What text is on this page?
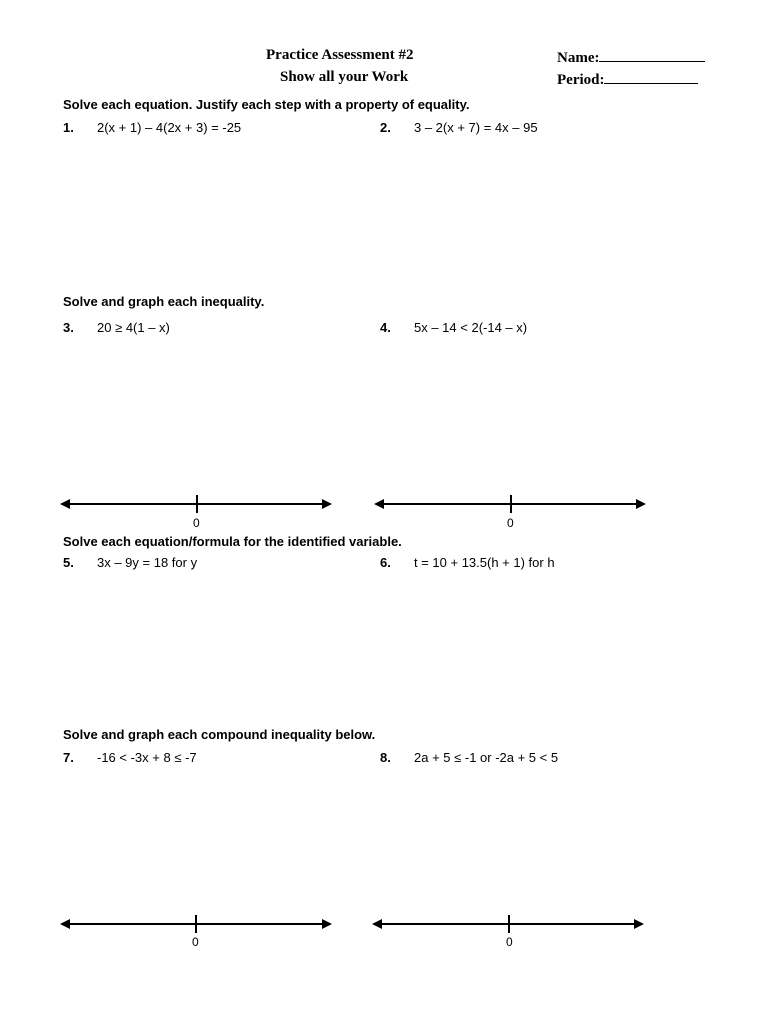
Practice Assessment #2
Show all your Work
Name:
Period:
Solve each equation. Justify each step with a property of equality.
1. 2(x + 1) – 4(2x + 3) = -25	2. 3 – 2(x + 7) = 4x – 95
Solve and graph each inequality.
3. 20 ≥ 4(1 – x)	4. 5x – 14 < 2(-14 – x)
0	0
Solve each equation/formula for the identified variable.
5. 3x – 9y = 18 for y	6. t = 10 + 13.5(h + 1) for h
Solve and graph each compound inequality below.
7. -16 < -3x + 8 ≤ -7	8. 2a + 5 ≤ -1 or -2a + 5 < 5
0	0
